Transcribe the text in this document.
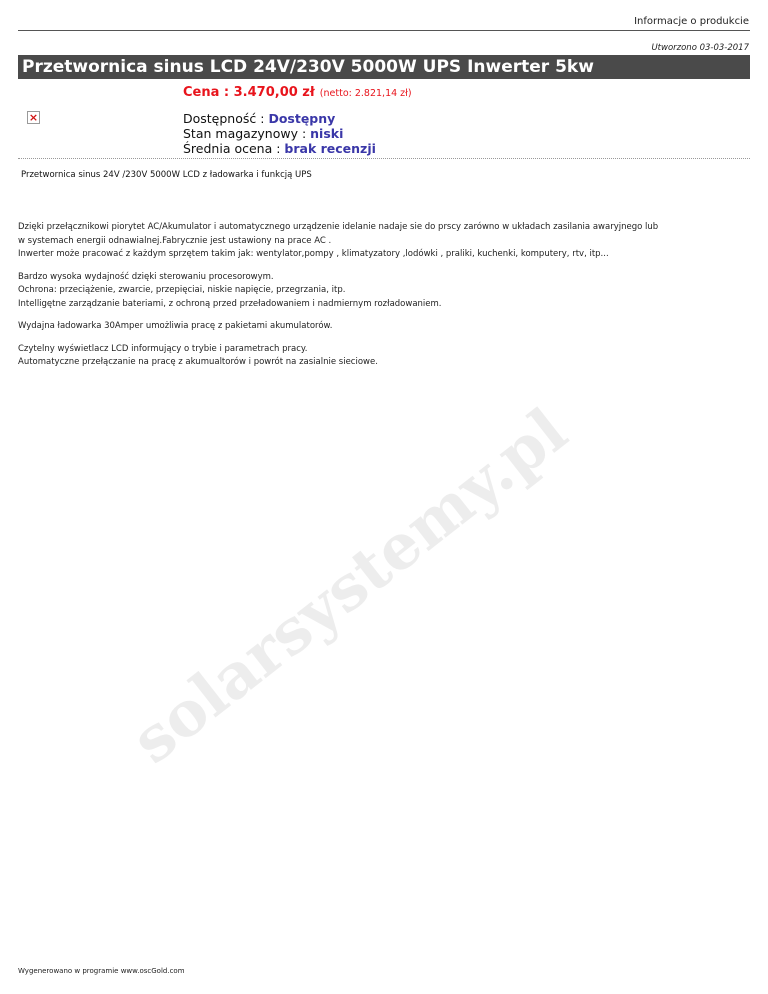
Informacje o produkcie
Utworzono 03-03-2017
Przetwornica sinus LCD 24V/230V 5000W UPS Inwerter 5kw
Cena : 3.470,00 zł (netto: 2.821,14 zł)
×	Dostępność : Dostępny
Stan magazynowy : niski
Średnia ocena : brak recenzji
Przetwornica sinus 24V /230V 5000W LCD z ładowarka i funkcją UPS

Dzięki przełącznikowi piorytet AC/Akumulator i automatycznego urządzenie idelanie nadaje sie do prscy zarówno w układach zasilania awaryjnego lub
w systemach energii odnawialnej.Fabrycznie jest ustawiony na prace AC .
Inwerter może pracować z każdym sprzętem takim jak: wentylator,pompy , klimatyzatory ,lodówki , praliki, kuchenki, komputery, rtv, itp...

Bardzo wysoka wydajność dzięki sterowaniu procesorowym.
Ochrona: przeciążenie, zwarcie, przepięciai, niskie napięcie, przegrzania, itp.
Intelligętne zarządzanie bateriami, z ochroną przed przeładowaniem i nadmiernym rozładowaniem.

Wydajna ładowarka 30Amper umożliwia pracę z pakietami akumulatorów.

Czytelny wyświetlacz LCD informujący o trybie i parametrach pracy.
Automatyczne przełączanie na pracę z akumualtorów i powrót na zasialnie sieciowe.

solarsystemy.pl
Wygenerowano w programie www.oscGold.com
